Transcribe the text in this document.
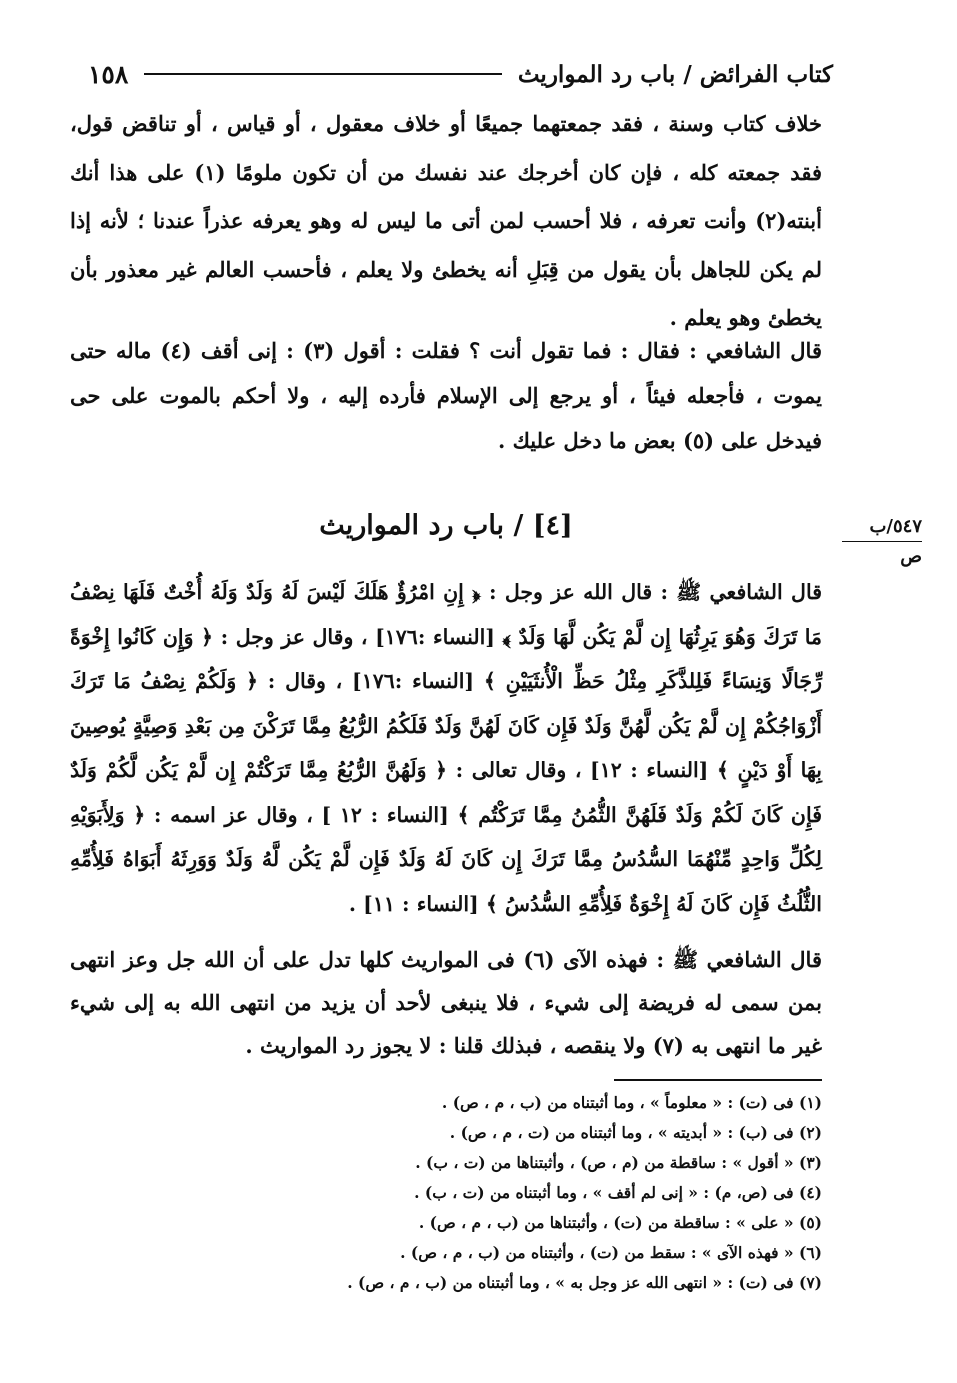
كتاب الفرائض / باب رد المواريث
١٥٨

خلاف كتاب وسنة ، فقد جمعتهما جميعًا أو خلاف معقول ، أو قياس ، أو تناقض قول، فقد جمعته كله ، فإن كان أخرجك عند نفسك من أن تكون ملومًا (١) على هذا أنك أبنته(٢) وأنت تعرفه ، فلا أحسب لمن أتى ما ليس له وهو يعرفه عذراً عندنا ؛ لأنه إذا لم يكن للجاهل بأن يقول من قِبَلِ أنه يخطئ ولا يعلم ، فأحسب العالم غير معذور بأن يخطئ وهو يعلم .

قال الشافعي : فقال : فما تقول أنت ؟ فقلت : أقول (٣) : إنى أقف (٤) ماله حتى يموت ، فأجعله فيئاً ، أو يرجع إلى الإسلام فأرده إليه ، ولا أحكم بالموت على حى فيدخل على (٥) بعض ما دخل عليك .

[٤] / باب رد المواريث	٥٤٧/ب
ص

قال الشافعي ﷺ : قال الله عز وجل : ﴿ إِنِ امْرُؤٌ هَلَكَ لَيْسَ لَهُ وَلَدٌ وَلَهُ أُخْتٌ فَلَهَا نِصْفُ مَا تَرَكَ وَهُوَ يَرِثُهَا إِن لَّمْ يَكُن لَّهَا وَلَدٌ ﴾ [النساء :١٧٦] ، وقال عز وجل : ﴿ وَإِن كَانُوا إِخْوَةً رِّجَالًا وَنِسَاءً فَلِلذَّكَرِ مِثْلُ حَظِّ الْأُنثَيَيْنِ ﴾ [النساء :١٧٦] ، وقال : ﴿ وَلَكُمْ نِصْفُ مَا تَرَكَ أَزْوَاجُكُمْ إِن لَّمْ يَكُن لَّهُنَّ وَلَدٌ فَإِن كَانَ لَهُنَّ وَلَدٌ فَلَكُمُ الرُّبُعُ مِمَّا تَرَكْنَ مِن بَعْدِ وَصِيَّةٍ يُوصِينَ بِهَا أَوْ دَيْنٍ ﴾ [النساء : ١٢] ، وقال تعالى : ﴿ وَلَهُنَّ الرُّبُعُ مِمَّا تَرَكْتُمْ إِن لَّمْ يَكُن لَّكُمْ وَلَدٌ فَإِن كَانَ لَكُمْ وَلَدٌ فَلَهُنَّ الثُّمُنُ مِمَّا تَرَكْتُم ﴾ [النساء : ١٢ ] ، وقال عز اسمه : ﴿ وَلِأَبَوَيْهِ لِكُلِّ وَاحِدٍ مِّنْهُمَا السُّدُسُ مِمَّا تَرَكَ إِن كَانَ لَهُ وَلَدٌ فَإِن لَّمْ يَكُن لَّهُ وَلَدٌ وَوَرِثَهُ أَبَوَاهُ فَلِأُمِّهِ الثُّلُثُ فَإِن كَانَ لَهُ إِخْوَةٌ فَلِأُمِّهِ السُّدُسُ ﴾ [النساء : ١١] .

قال الشافعي ﷺ : فهذه الآى (٦) فى المواريث كلها تدل على أن الله جل وعز انتهى بمن سمى له فريضة إلى شيء ، فلا ينبغى لأحد أن يزيد من انتهى الله به إلى شيء غير ما انتهى به (٧) ولا ينقصه ، فبذلك قلنا : لا يجوز رد المواريث .

(١) فى (ت) : « معلوماً » ، وما أثبتناه من (ب ، م ، ص) .
(٢) فى (ب) : « أبديته » ، وما أثبتناه من (ت ، م ، ص) .
(٣) « أقول » : ساقطة من (م ، ص) ، وأثبتناها من (ت ، ب) .
(٤) فى (ص، م) : « إنى لم أقف » ، وما أثبتناه من (ت ، ب) .
(٥) « على » : ساقطة من (ت) ، وأثبتناها من (ب ، م ، ص) .
(٦) « فهذه الآى » : سقط من (ت) ، وأثبتناه من (ب ، م ، ص) .
(٧) فى (ت) : « انتهى الله عز وجل به » ، وما أثبتناه من (ب ، م ، ص) .
